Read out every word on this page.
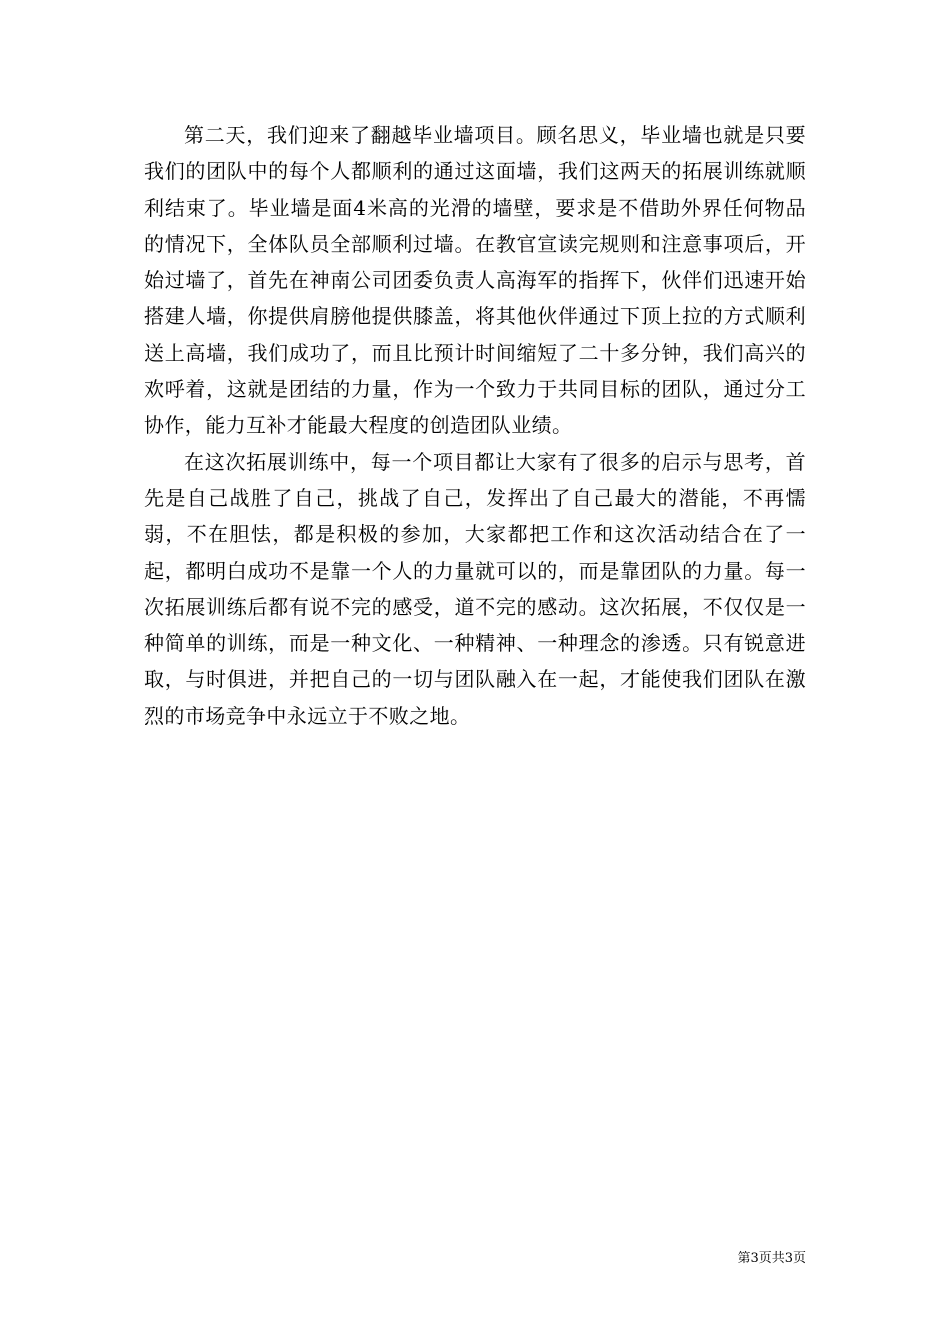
第二天，我们迎来了翻越毕业墙项目。顾名思义，毕业墙也就是只要我们的团队中的每个人都顺利的通过这面墙，我们这两天的拓展训练就顺利结束了。毕业墙是面4米高的光滑的墙壁，要求是不借助外界任何物品的情况下，全体队员全部顺利过墙。在教官宣读完规则和注意事项后，开始过墙了，首先在神南公司团委负责人高海军的指挥下，伙伴们迅速开始搭建人墙，你提供肩膀他提供膝盖，将其他伙伴通过下顶上拉的方式顺利送上高墙，我们成功了，而且比预计时间缩短了二十多分钟，我们高兴的欢呼着，这就是团结的力量，作为一个致力于共同目标的团队，通过分工协作，能力互补才能最大程度的创造团队业绩。

在这次拓展训练中，每一个项目都让大家有了很多的启示与思考，首先是自己战胜了自己，挑战了自己，发挥出了自己最大的潜能，不再懦弱，不在胆怯，都是积极的参加，大家都把工作和这次活动结合在了一起，都明白成功不是靠一个人的力量就可以的，而是靠团队的力量。每一次拓展训练后都有说不完的感受，道不完的感动。这次拓展，不仅仅是一种简单的训练，而是一种文化、一种精神、一种理念的渗透。只有锐意进取，与时俱进，并把自己的一切与团队融入在一起，才能使我们团队在激烈的市场竞争中永远立于不败之地。

第3页共3页
